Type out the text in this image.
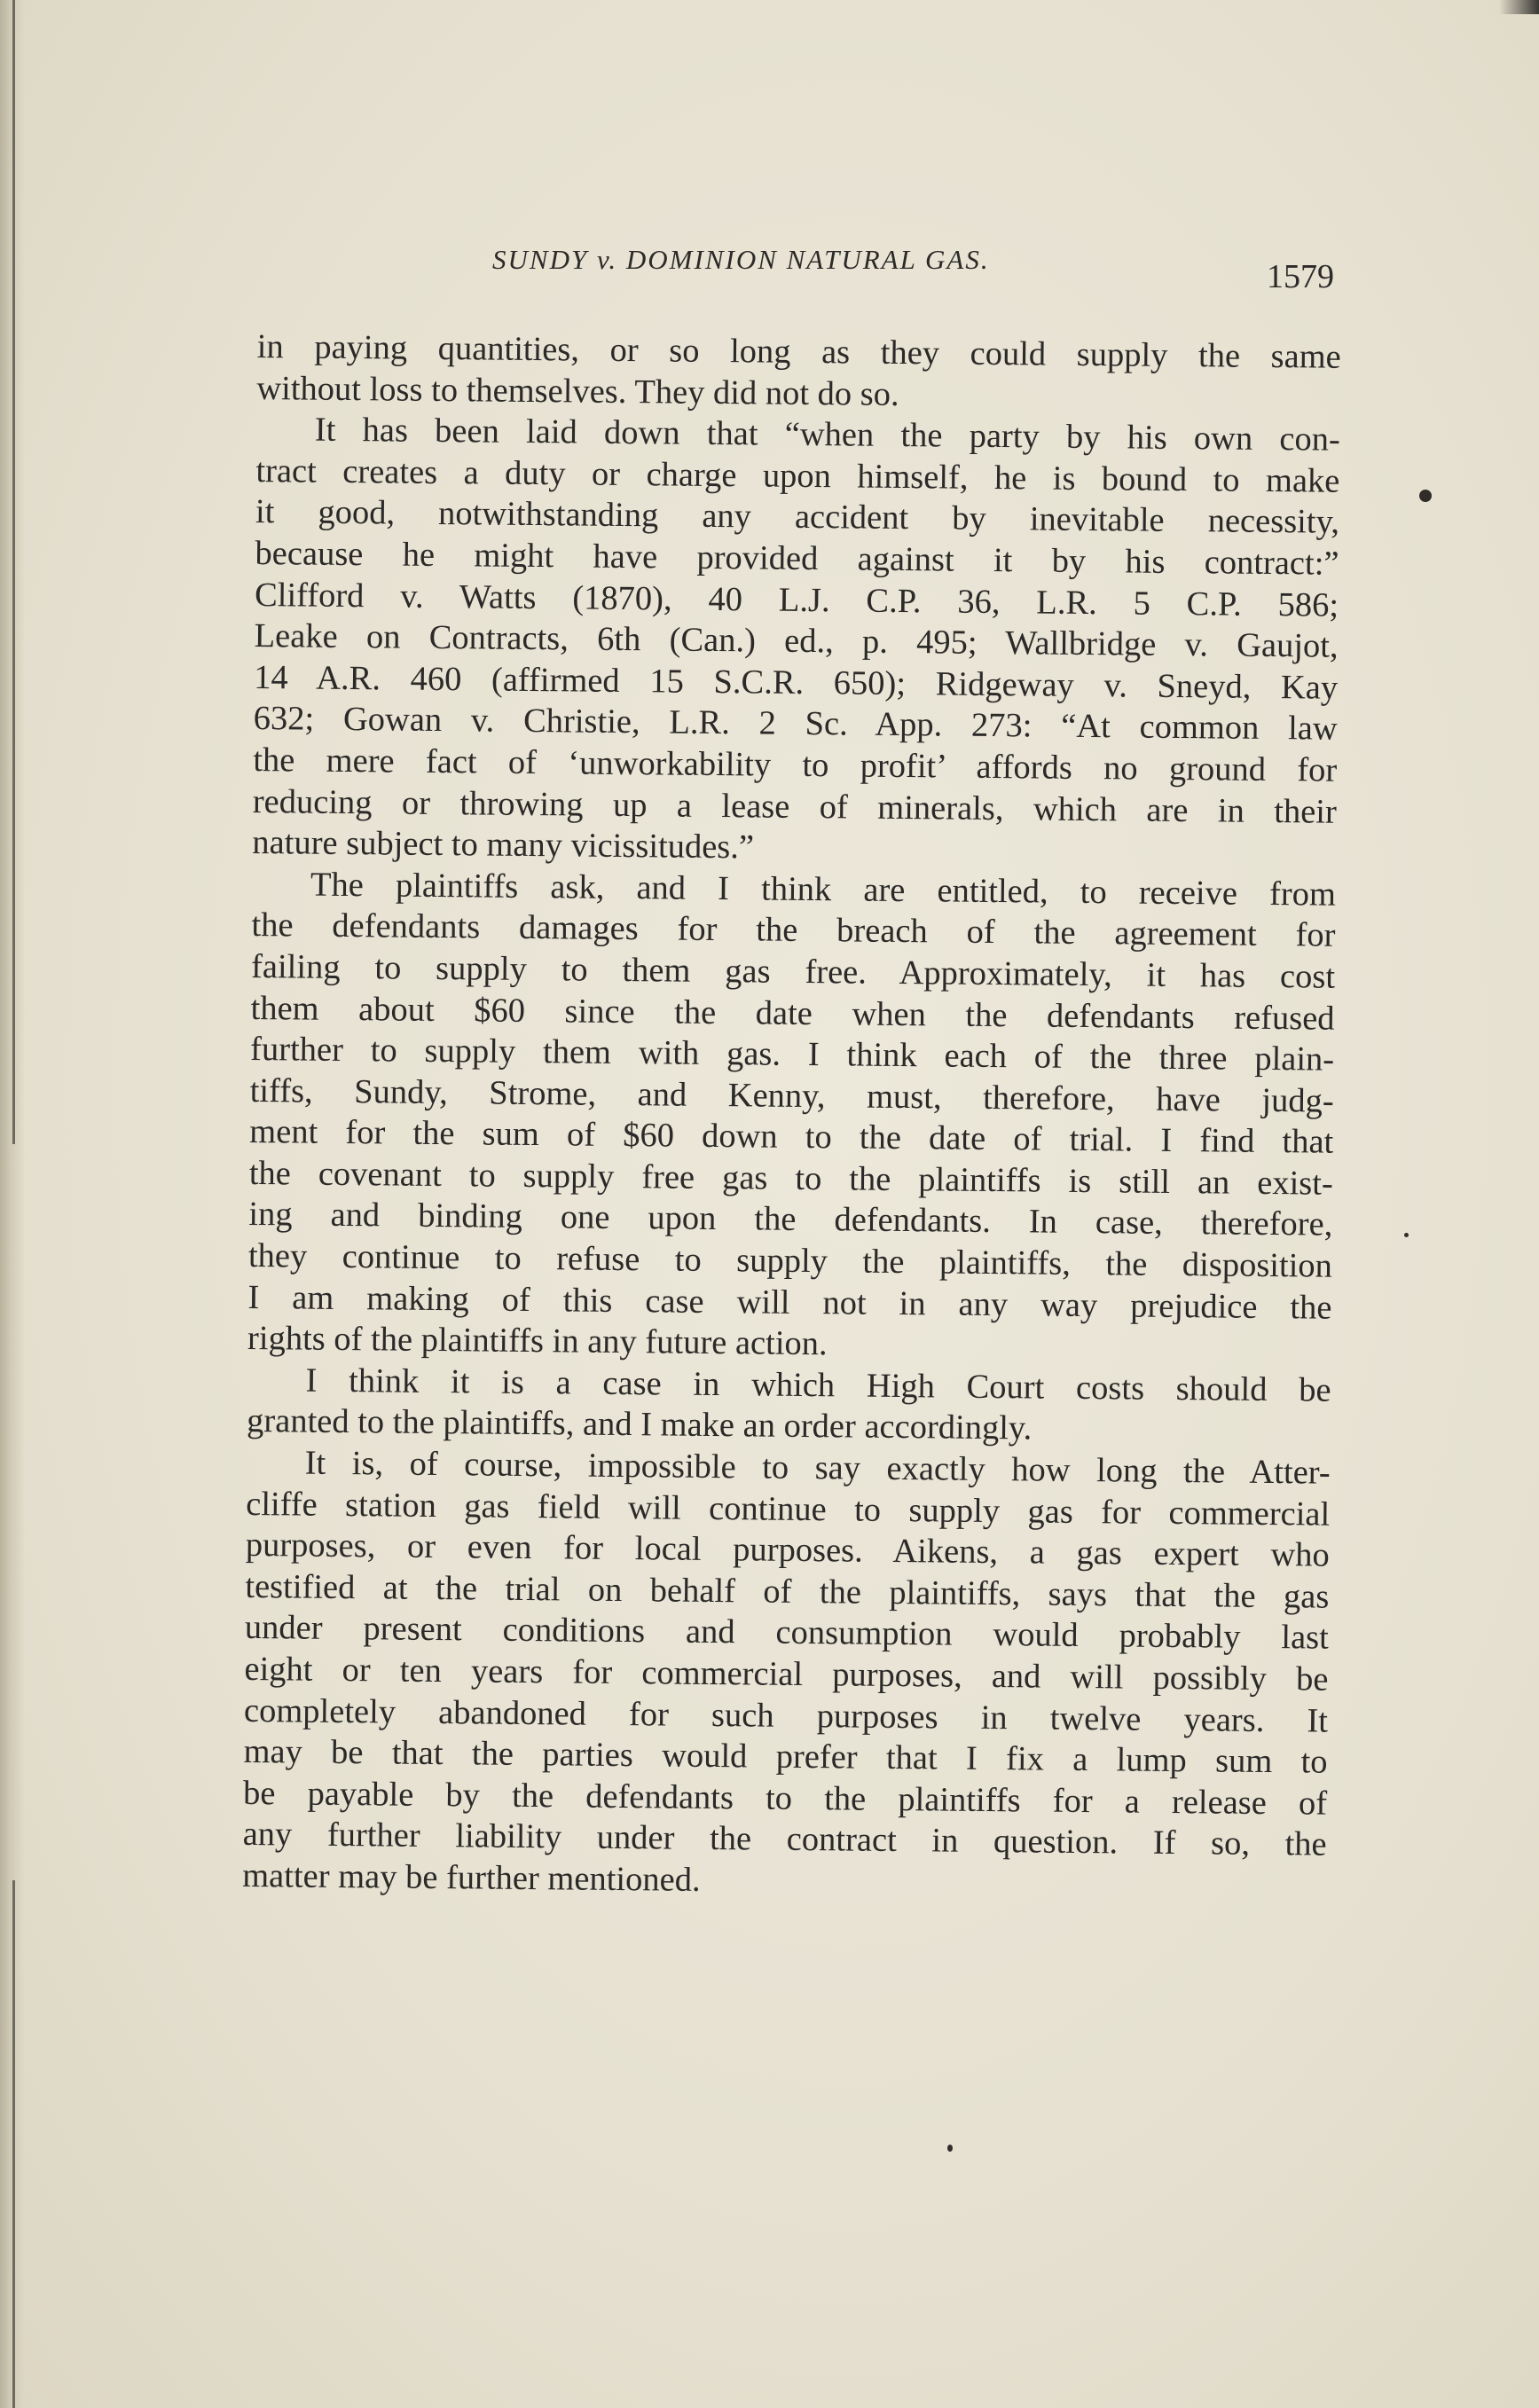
SUNDY v. DOMINION NATURAL GAS.	1579
in paying quantities, or so long as they could supply the same
without loss to themselves. They did not do so.
It has been laid down that “when the party by his own con-
tract creates a duty or charge upon himself, he is bound to make
it good, notwithstanding any accident by inevitable necessity,
because he might have provided against it by his contract:”
Clifford v. Watts (1870), 40 L.J. C.P. 36, L.R. 5 C.P. 586;
Leake on Contracts, 6th (Can.) ed., p. 495; Wallbridge v. Gaujot,
14 A.R. 460 (affirmed 15 S.C.R. 650); Ridgeway v. Sneyd, Kay
632; Gowan v. Christie, L.R. 2 Sc. App. 273: “At common law
the mere fact of ‘unworkability to profit’ affords no ground for
reducing or throwing up a lease of minerals, which are in their
nature subject to many vicissitudes.”
The plaintiffs ask, and I think are entitled, to receive from
the defendants damages for the breach of the agreement for
failing to supply to them gas free. Approximately, it has cost
them about $60 since the date when the defendants refused
further to supply them with gas. I think each of the three plain-
tiffs, Sundy, Strome, and Kenny, must, therefore, have judg-
ment for the sum of $60 down to the date of trial. I find that
the covenant to supply free gas to the plaintiffs is still an exist-
ing and binding one upon the defendants. In case, therefore,
they continue to refuse to supply the plaintiffs, the disposition
I am making of this case will not in any way prejudice the
rights of the plaintiffs in any future action.
I think it is a case in which High Court costs should be
granted to the plaintiffs, and I make an order accordingly.
It is, of course, impossible to say exactly how long the Atter-
cliffe station gas field will continue to supply gas for commercial
purposes, or even for local purposes. Aikens, a gas expert who
testified at the trial on behalf of the plaintiffs, says that the gas
under present conditions and consumption would probably last
eight or ten years for commercial purposes, and will possibly be
completely abandoned for such purposes in twelve years. It
may be that the parties would prefer that I fix a lump sum to
be payable by the defendants to the plaintiffs for a release of
any further liability under the contract in question. If so, the
matter may be further mentioned.
